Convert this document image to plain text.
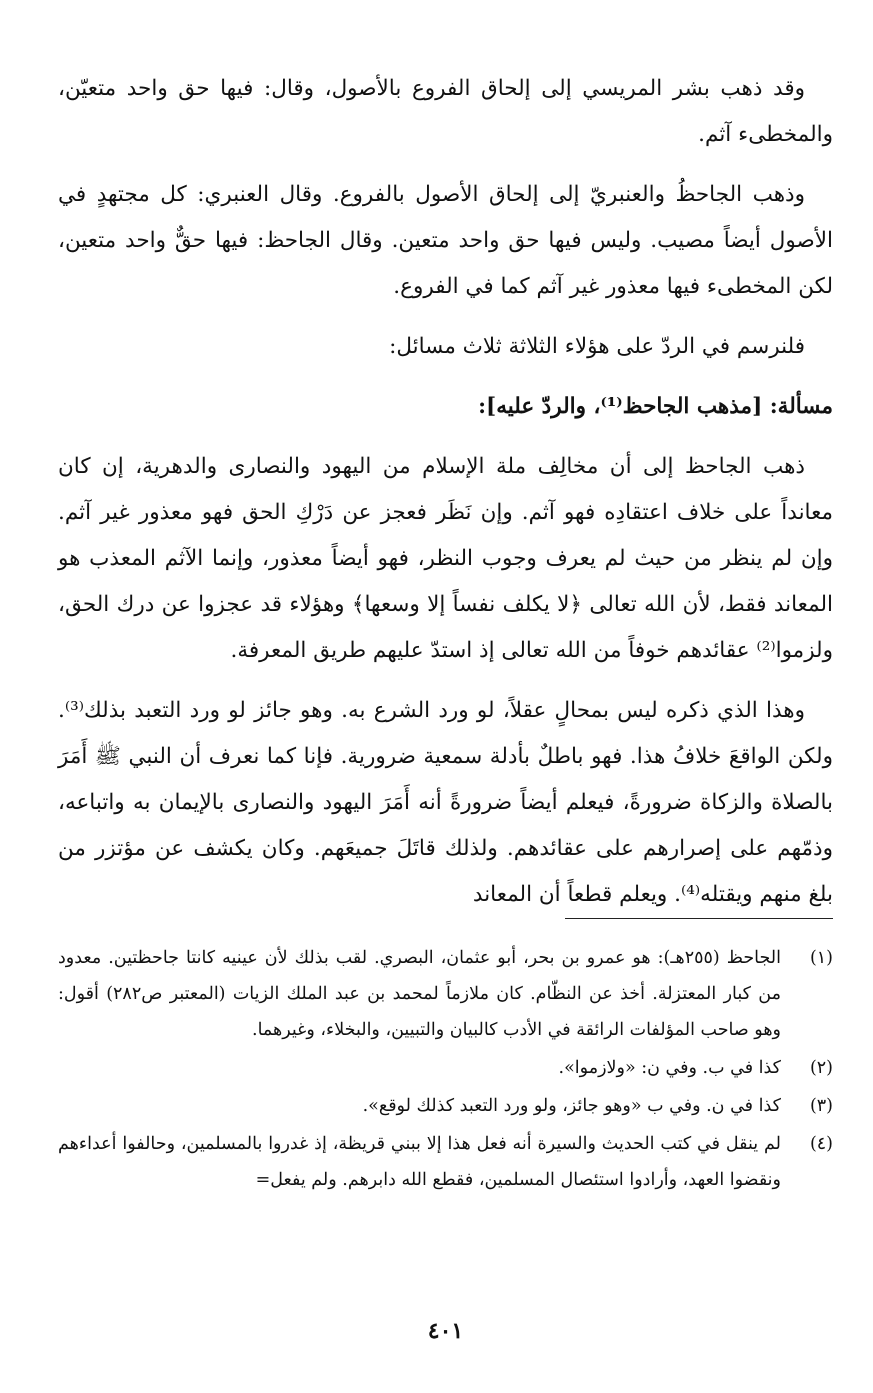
وقد ذهب بشر المريسي إلى إلحاق الفروع بالأصول، وقال: فيها حق واحد متعيّن، والمخطىء آثم.

وذهب الجاحظُ والعنبريّ إلى إلحاق الأصول بالفروع. وقال العنبري: كل مجتهدٍ في الأصول أيضاً مصيب. وليس فيها حق واحد متعين. وقال الجاحظ: فيها حقٌّ واحد متعين، لكن المخطىء فيها معذور غير آثم كما في الفروع.

فلنرسم في الردّ على هؤلاء الثلاثة ثلاث مسائل:

مسألة: [مذهب الجاحظ⁽¹⁾، والردّ عليه]:

ذهب الجاحظ إلى أن مخالِف ملة الإسلام من اليهود والنصارى والدهرية، إن كان معانداً على خلاف اعتقادِه فهو آثم. وإن نَظَر فعجز عن دَرْكِ الحق فهو معذور غير آثم. وإن لم ينظر من حيث لم يعرف وجوب النظر، فهو أيضاً معذور، وإنما الآثم المعذب هو المعاند فقط، لأن الله تعالى ﴿لا يكلف نفساً إلا وسعها﴾ وهؤلاء قد عجزوا عن درك الحق، ولزموا⁽²⁾ عقائدهم خوفاً من الله تعالى إذ استدّ عليهم طريق المعرفة.

وهذا الذي ذكره ليس بمحالٍ عقلاً، لو ورد الشرع به. وهو جائز لو ورد التعبد بذلك⁽³⁾. ولكن الواقعَ خلافُ هذا. فهو باطلٌ بأدلة سمعية ضرورية. فإنا كما نعرف أن النبي ﷺ أَمَرَ بالصلاة والزكاة ضرورةً، فيعلم أيضاً ضرورةً أنه أَمَرَ اليهود والنصارى بالإيمان به واتباعه، وذمّهم على إصرارهم على عقائدهم. ولذلك قاتَلَ جميعَهم. وكان يكشف عن مؤتزر من بلغ منهم ويقتله⁽⁴⁾. ويعلم قطعاً أن المعاند

(١)
الجاحظ (٢٥٥هـ): هو عمرو بن بحر، أبو عثمان، البصري. لقب بذلك لأن عينيه كانتا جاحظتين. معدود من كبار المعتزلة. أخذ عن النظّام. كان ملازماً لمحمد بن عبد الملك الزيات (المعتبر ص٢٨٢) أقول: وهو صاحب المؤلفات الرائقة في الأدب كالبيان والتبيين، والبخلاء، وغيرهما.
(٢)
كذا في ب. وفي ن: «ولازموا».
(٣)
كذا في ن. وفي ب «وهو جائز، ولو ورد التعبد كذلك لوقع».
(٤)
لم ينقل في كتب الحديث والسيرة أنه فعل هذا إلا ببني قريظة، إذ غدروا بالمسلمين، وحالفوا أعداءهم ونقضوا العهد، وأرادوا استئصال المسلمين، فقطع الله دابرهم. ولم يفعل=
٤٠١
